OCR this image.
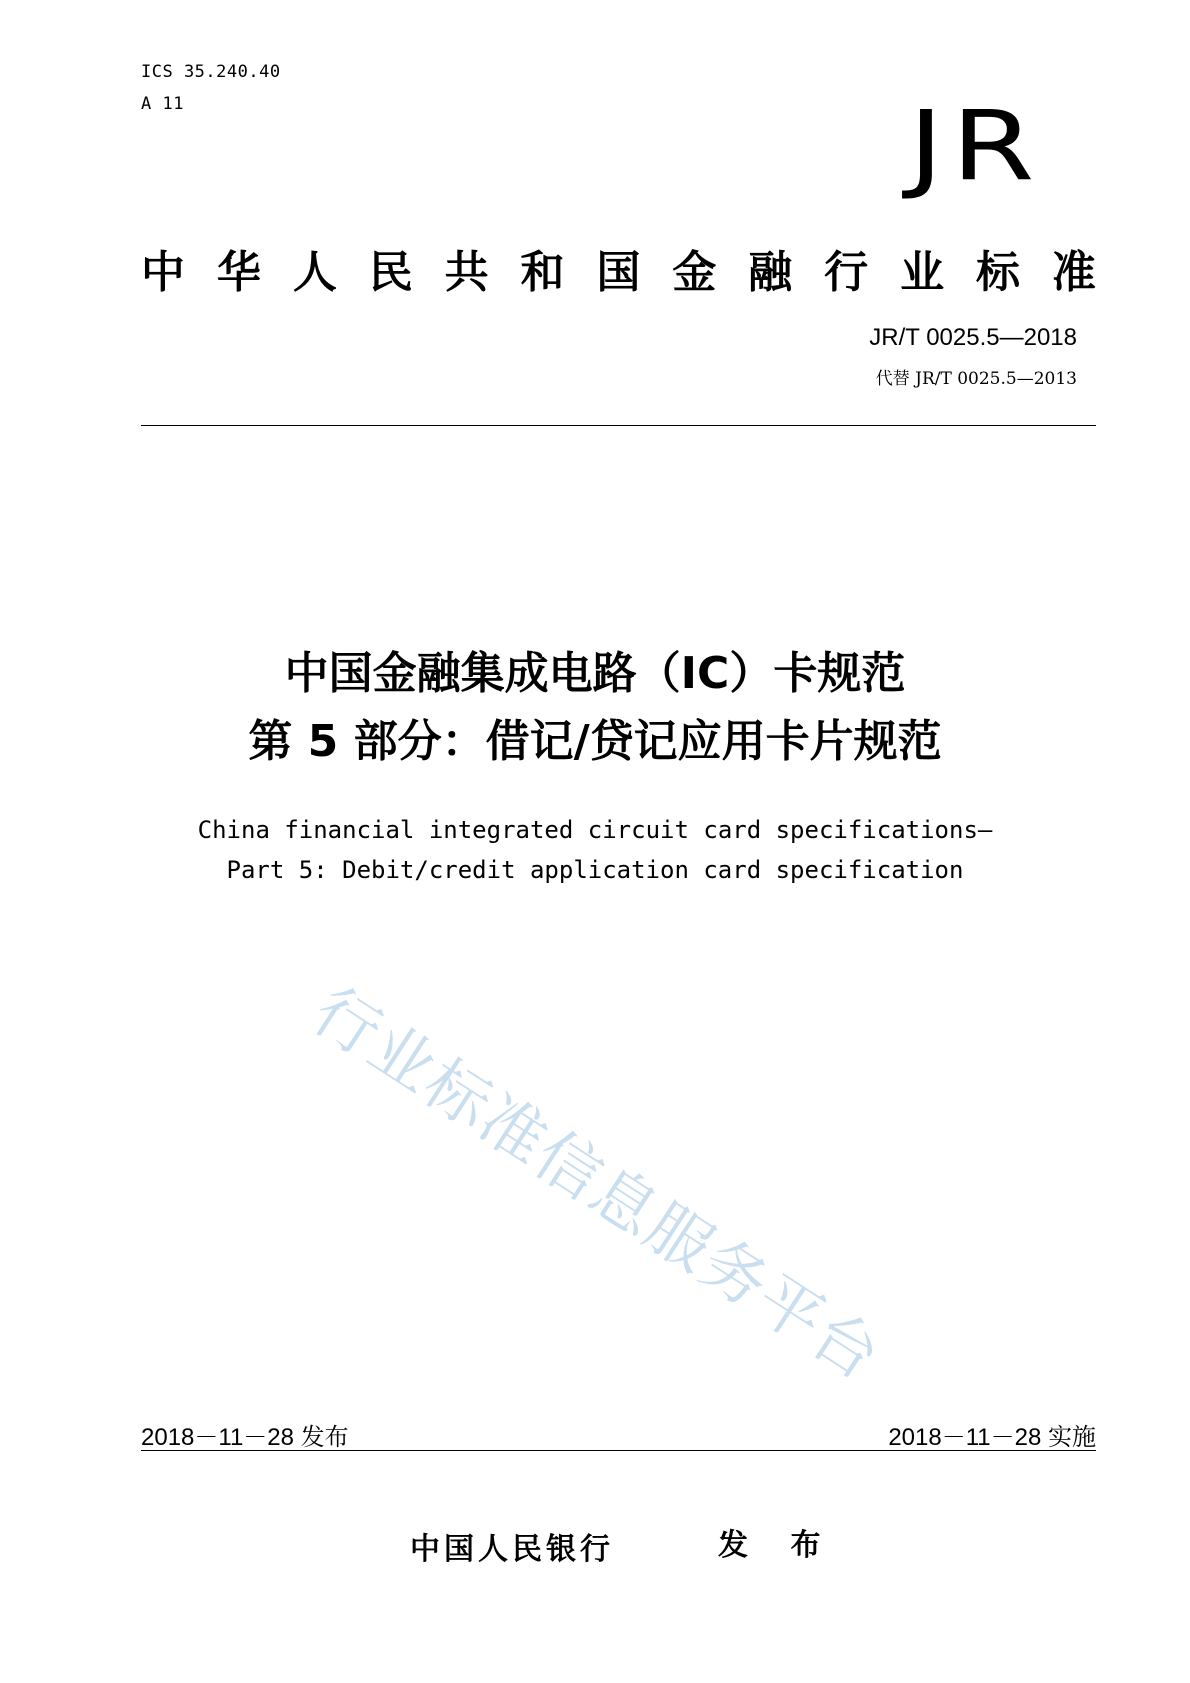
ICS 35.240.40
A 11	JR
中 华 人 民 共 和 国 金 融 行 业 标 准
JR/T 0025.5—2018
代替 JR/T 0025.5—2013
中国金融集成电路（IC）卡规范
第 5 部分：借记/贷记应用卡片规范
China financial integrated circuit card specifications—
Part 5: Debit/credit application card specification
行业标准信息服务平台
2018－11－28 发布	2018－11－28 实施
中国人民银行	发 布
